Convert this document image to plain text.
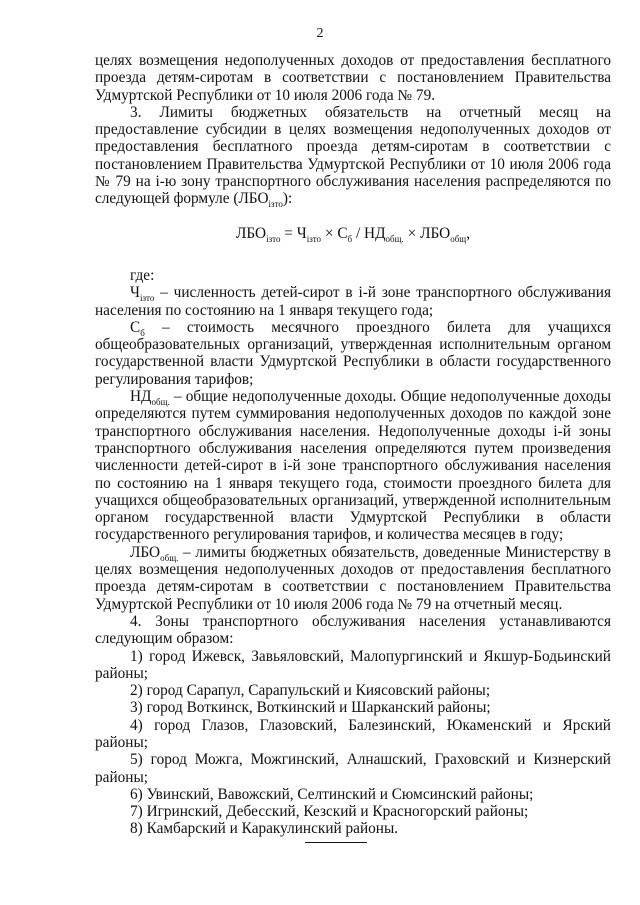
2

целях возмещения недополученных доходов от предоставления бесплатного проезда детям-сиротам в соответствии с постановлением Правительства Удмуртской Республики от 10 июля 2006 года № 79.

3. Лимиты бюджетных обязательств на отчетный месяц на предоставление субсидии в целях возмещения недополученных доходов от предоставления бесплатного проезда детям-сиротам в соответствии с постановлением Правительства Удмуртской Республики от 10 июля 2006 года № 79 на i-ю зону транспортного обслуживания населения распределяются по следующей формуле $(ЛБО_{iзто})$:

$ЛБО_{iзто} = Ч_{iзто} \times С_б / НД_{общ.} \times ЛБО_{общ}$,

где:

$Ч_{iзто}$ – численность детей-сирот в i-й зоне транспортного обслуживания населения по состоянию на 1 января текущего года;

$С_б$ – стоимость месячного проездного билета для учащихся общеобразовательных организаций, утвержденная исполнительным органом государственной власти Удмуртской Республики в области государственного регулирования тарифов;

$НД_{общ.}$ – общие недополученные доходы. Общие недополученные доходы определяются путем суммирования недополученных доходов по каждой зоне транспортного обслуживания населения. Недополученные доходы i-й зоны транспортного обслуживания населения определяются путем произведения численности детей-сирот в i-й зоне транспортного обслуживания населения по состоянию на 1 января текущего года, стоимости проездного билета для учащихся общеобразовательных организаций, утвержденной исполнительным органом государственной власти Удмуртской Республики в области государственного регулирования тарифов, и количества месяцев в году;

$ЛБО_{общ.}$ – лимиты бюджетных обязательств, доведенные Министерству в целях возмещения недополученных доходов от предоставления бесплатного проезда детям-сиротам в соответствии с постановлением Правительства Удмуртской Республики от 10 июля 2006 года № 79 на отчетный месяц.

4. Зоны транспортного обслуживания населения устанавливаются следующим образом:

1) город Ижевск, Завьяловский, Малопургинский и Якшур-Бодьинский районы;

2) город Сарапул, Сарапульский и Киясовский районы;

3) город Воткинск, Воткинский и Шарканский районы;

4) город Глазов, Глазовский, Балезинский, Юкаменский и Ярский районы;

5) город Можга, Можгинский, Алнашский, Граховский и Кизнерский районы;

6) Увинский, Вавожский, Селтинский и Сюмсинский районы;

7) Игринский, Дебесский, Кезский и Красногорский районы;

8) Камбарский и Каракулинский районы.
